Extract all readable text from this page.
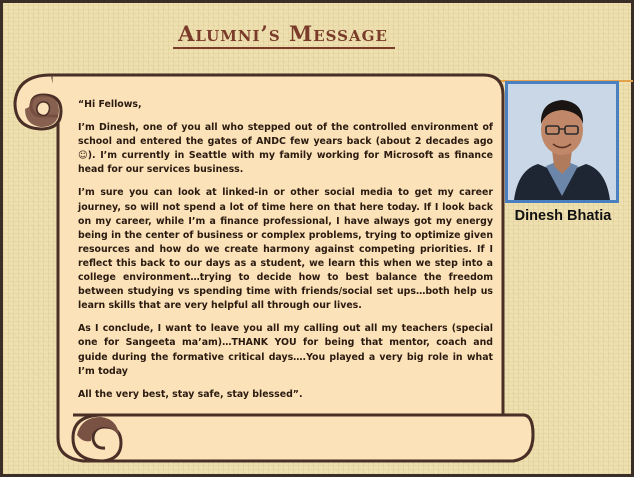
Alumni’s Message

“Hi Fellows,

I’m Dinesh, one of you all who stepped out of the controlled environment of school and entered the gates of ANDC few years back (about 2 decades ago ☺). I’m currently in Seattle with my family working for Microsoft as finance head for our services business.

I’m sure you can look at linked-in or other social media to get my career journey, so will not spend a lot of time here on that here today. If I look back on my career, while I’m a finance professional, I have always got my energy being in the center of business or complex problems, trying to optimize given resources and how do we create harmony against competing priorities. If I reflect this back to our days as a student, we learn this when we step into a college environment…trying to decide how to best balance the freedom between studying vs spending time with friends/social set ups…both help us learn skills that are very helpful all through our lives.

As I conclude, I want to leave you all my calling out all my teachers (special one for Sangeeta ma’am)…THANK YOU for being that mentor, coach and guide during the formative critical days….You played a very big role in what I’m today

All the very best, stay safe, stay blessed”.

Dinesh Bhatia
